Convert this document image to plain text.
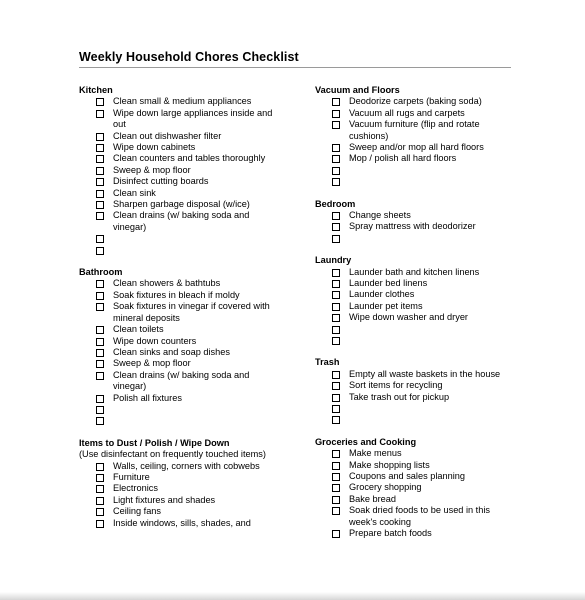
Weekly Household Chores Checklist
Kitchen
Clean small & medium appliances
Wipe down large appliances inside and out
Clean out dishwasher filter
Wipe down cabinets
Clean counters and tables thoroughly
Sweep & mop floor
Disinfect cutting boards
Clean sink
Sharpen garbage disposal (w/ice)
Clean drains (w/ baking soda and vinegar)
Bathroom
Clean showers & bathtubs
Soak fixtures in bleach if moldy
Soak fixtures in vinegar if covered with mineral deposits
Clean toilets
Wipe down counters
Clean sinks and soap dishes
Sweep & mop floor
Clean drains (w/ baking soda and vinegar)
Polish all fixtures
Items to Dust / Polish / Wipe Down
(Use disinfectant on frequently touched items)
Walls, ceiling, corners with cobwebs
Furniture
Electronics
Light fixtures and shades
Ceiling fans
Inside windows, sills, shades, and
Vacuum and Floors
Deodorize carpets (baking soda)
Vacuum all rugs and carpets
Vacuum furniture (flip and rotate cushions)
Sweep and/or mop all hard floors
Mop / polish all hard floors
Bedroom
Change sheets
Spray mattress with deodorizer
Laundry
Launder bath and kitchen linens
Launder bed linens
Launder clothes
Launder pet items
Wipe down washer and dryer
Trash
Empty all waste baskets in the house
Sort items for recycling
Take trash out for pickup
Groceries and Cooking
Make menus
Make shopping lists
Coupons and sales planning
Grocery shopping
Bake bread
Soak dried foods to be used in this week's cooking
Prepare batch foods
